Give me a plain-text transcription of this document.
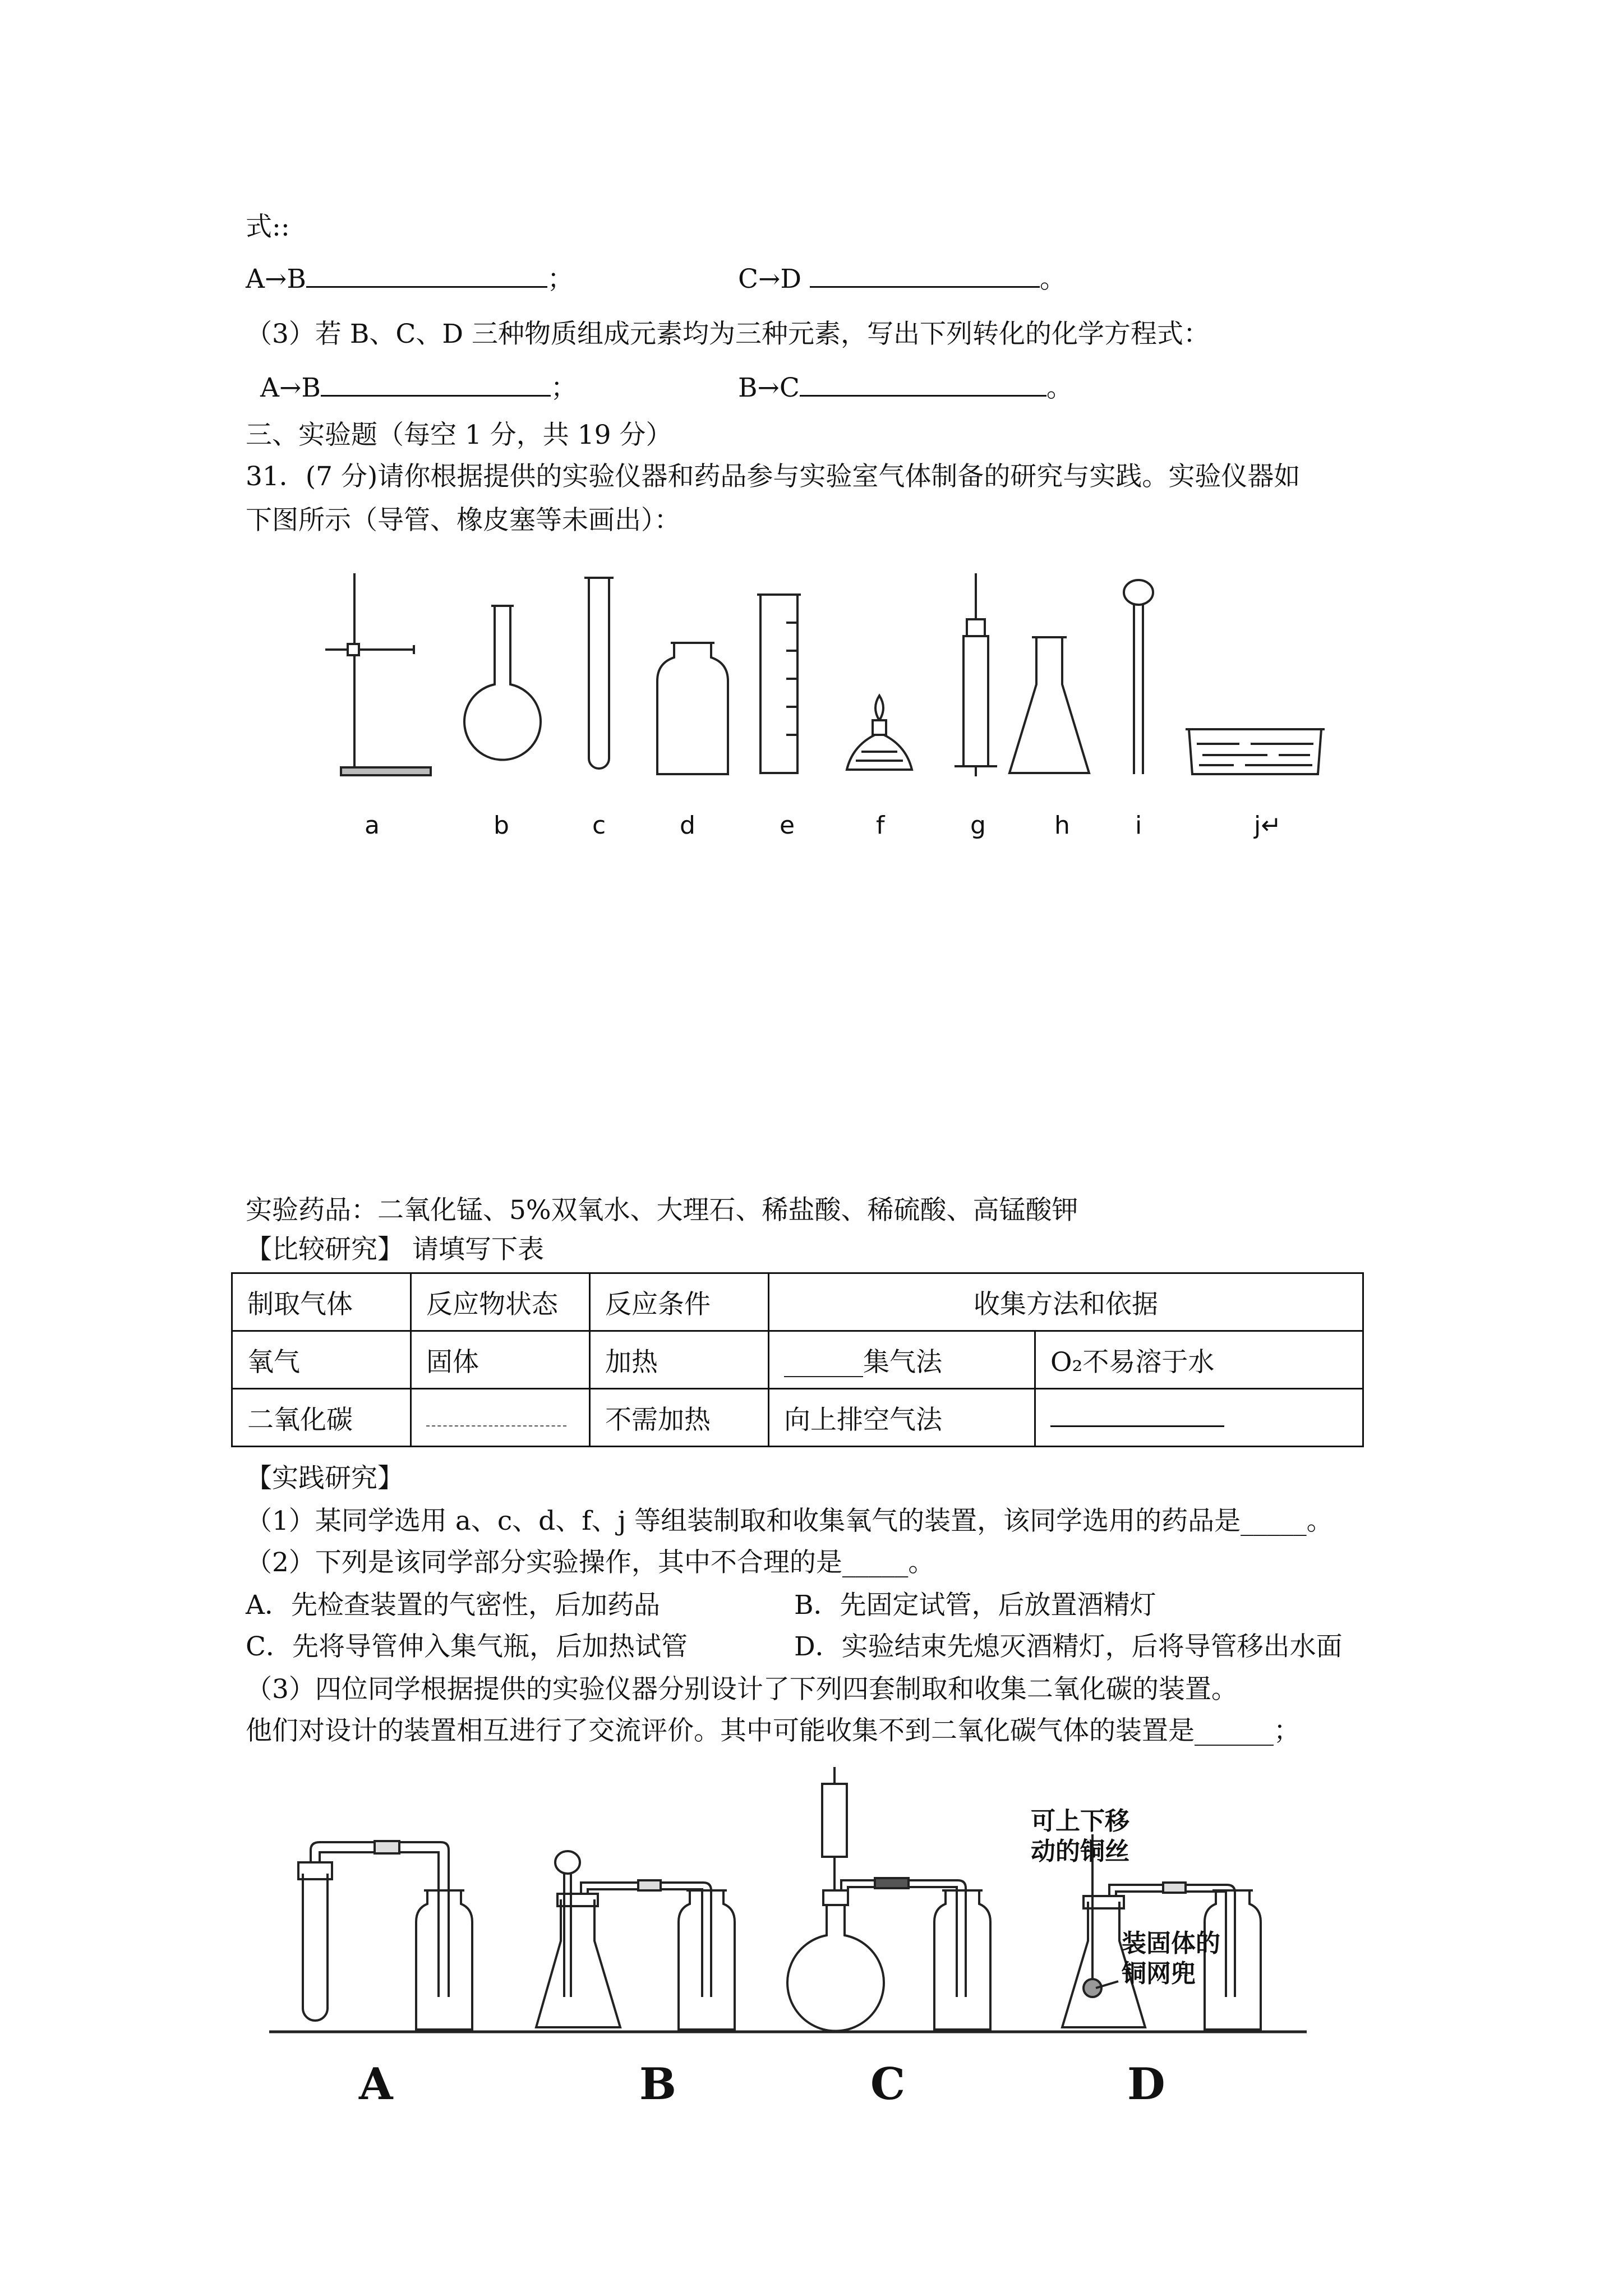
式::
A→B	；	C→D	。
（3）若 B、C、D 三种物质组成元素均为三种元素，写出下列转化的化学方程式：
A→B	；	B→C	。
三、实验题（每空 1 分，共 19 分）
31．(7 分)请你根据提供的实验仪器和药品参与实验室气体制备的研究与实践。实验仪器如
下图所示（导管、橡皮塞等未画出）：
a	b	c	d	e	f	g	h	i	j↵
实验药品：二氧化锰、5%双氧水、大理石、稀盐酸、稀硫酸、高锰酸钾
【比较研究】 请填写下表
制取气体	反应物状态	反应条件	收集方法和依据	
氧气	固体	加热	______集气法	O₂不易溶于水
二氧化碳		不需加热	向上排空气法	
【实践研究】
（1）某同学选用 a、c、d、f、j 等组装制取和收集氧气的装置，该同学选用的药品是_____。
（2）下列是该同学部分实验操作，其中不合理的是_____。
A．先检查装置的气密性，后加药品	B．先固定试管，后放置酒精灯
C．先将导管伸入集气瓶，后加热试管	D．实验结束先熄灭酒精灯，后将导管移出水面
（3）四位同学根据提供的实验仪器分别设计了下列四套制取和收集二氧化碳的装置。
他们对设计的装置相互进行了交流评价。其中可能收集不到二氧化碳气体的装置是______；
可上下移
动的铜丝
装固体的
铜网兜
A	B	C	D
